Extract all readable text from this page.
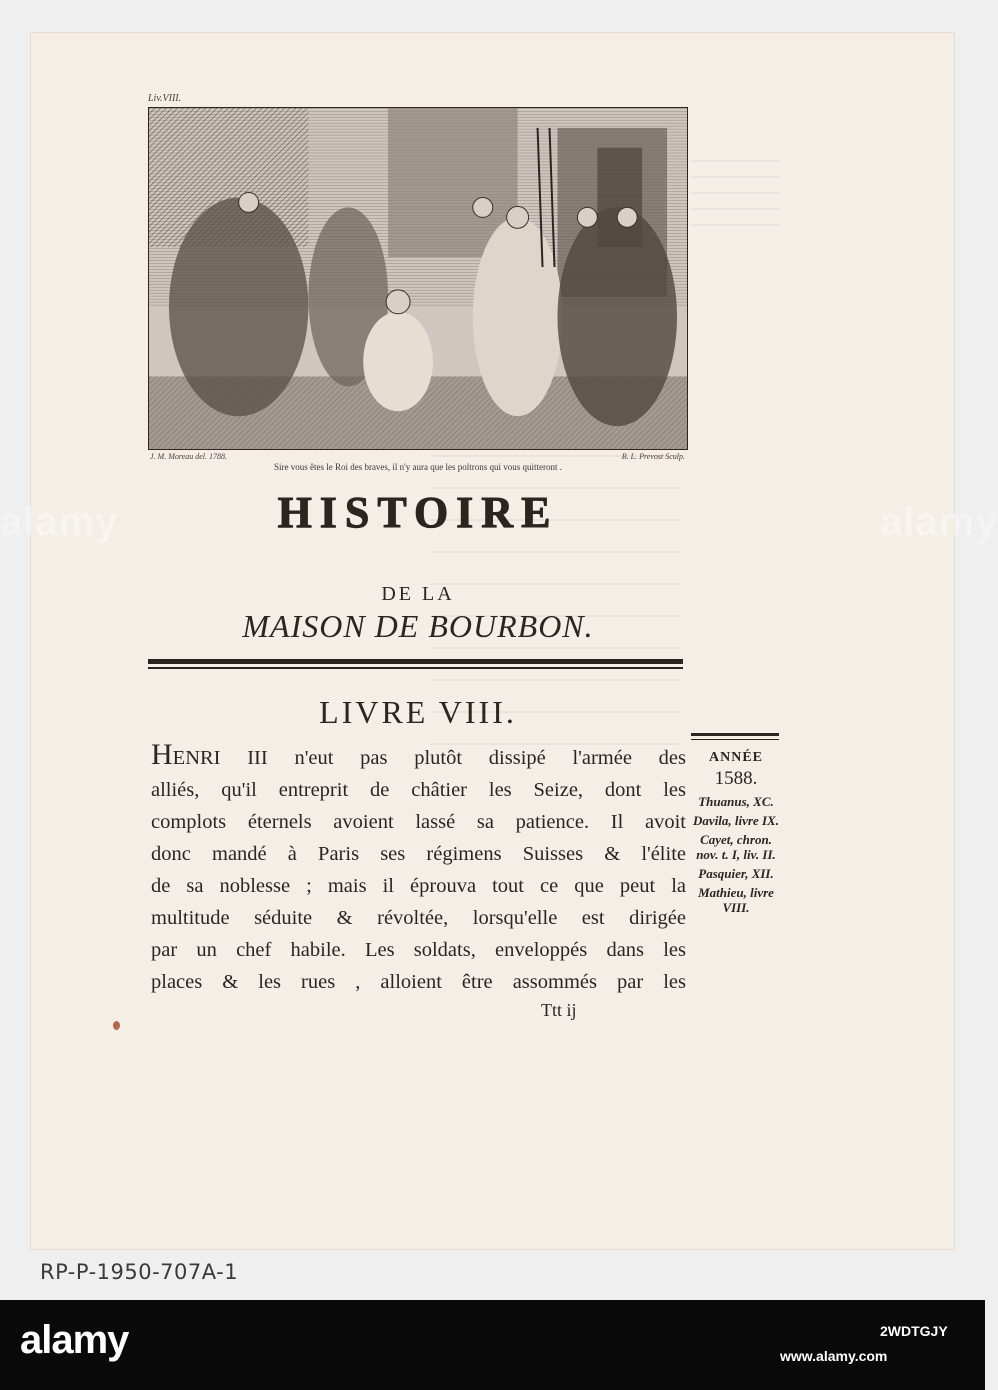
Liv.VIII.
J. M. Moreau del. 1788.	B. L. Prevost Sculp.
Sire vous êtes le Roi des braves, il n'y aura que les poltrons qui vous quitteront .
HISTOIRE
DE LA
MAISON DE BOURBON.
LIVRE VIII.
HENRI III n'eut pas plutôt dissipé l'armée des
alliés, qu'il entreprit de châtier les Seize, dont les
complots éternels avoient lassé sa patience. Il avoit
donc mandé à Paris ses régimens Suisses & l'élite
de sa noblesse ; mais il éprouva tout ce que peut la
multitude séduite & révoltée, lorsqu'elle est dirigée
par un chef habile. Les soldats, enveloppés dans les
places & les rues , alloient être assommés par les
Ttt ij
ANNÉE
1588.
Thuanus, XC.
Davila, livre IX.
Cayet, chron. nov. t. I, liv. II.
Pasquier, XII.
Mathieu, livre VIII.
RP-P-1950-707A-1
alamy	alamy
alamy	2WDTGJY
www.alamy.com
